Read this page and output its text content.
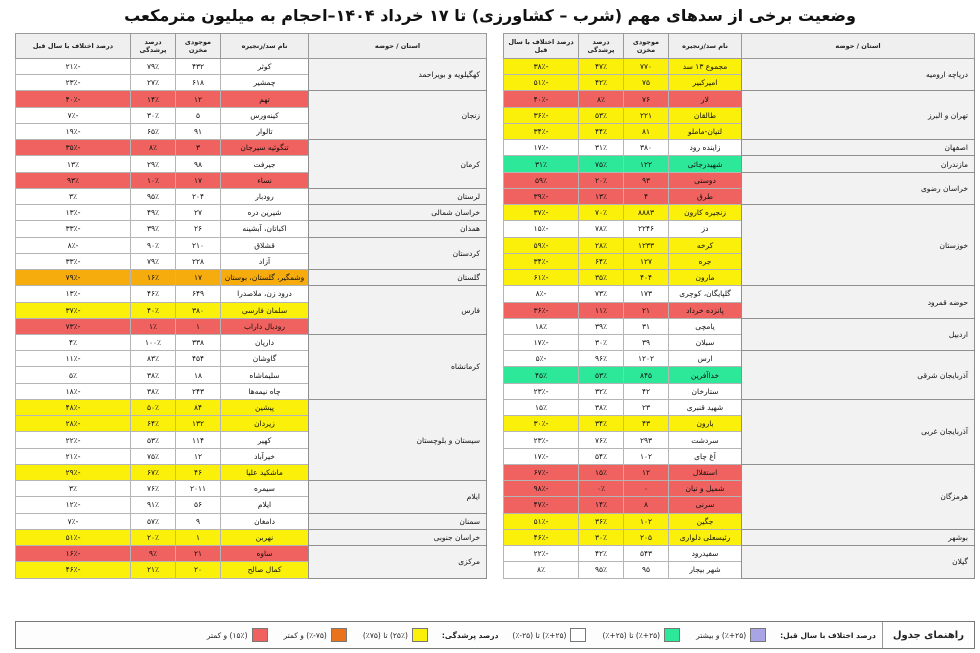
وضعیت برخی از سدهای مهم (شرب – کشاورزی) تا ۱۷ خرداد ۱۴۰۴–احجام به میلیون مترمکعب
استان / حوضه	نام سد/زنجیره	موجودی مخزن	درصد پرشدگی	درصد اختلاف با سال قبل
دریاچه ارومیه	مجموع ۱۳ سد	۷۷۰	۴۷٪	-۳۸٪
	امیرکبیر	۷۵	۴۲٪	-۵۱٪
تهران و البرز	لار	۷۶	۸٪	-۴۰٪
	طالقان	۲۲۱	۵۳٪	-۳۶٪
	لتیان-ماملو	۸۱	۴۴٪	-۳۴٪
اصفهان	زاینده رود	۳۸۰	۳۱٪	-۱۷٪
مازندران	شهیدرجائی	۱۲۲	۷۵٪	۳۱٪
خراسان رضوی	دوستی	۹۳	۲۰٪	۵۹٪
	طرق	۴	۱۳٪	-۳۹٪
خوزستان	زنجیره کارون	۸۸۸۳	۷۰٪	-۳۷٪
	دز	۲۲۴۶	۷۸٪	-۱۵٪
	کرخه	۱۲۳۳	۲۸٪	-۵۹٪
	جره	۱۲۷	۶۴٪	-۳۴٪
	مارون	۴۰۴	۳۵٪	-۶۱٪
حوضه قمرود	گلپایگان، کوچری	۱۷۳	۷۳٪	-۸٪
	پانزده خرداد	۲۱	۱۱٪	-۳۶٪
اردبیل	یامچی	۳۱	۳۹٪	۱۸٪
	سبلان	۳۹	۳۰٪	-۱۷٪
آذربایجان شرقی	ارس	۱۲۰۲	۹۶٪	-۵٪
	خداآفرین	۸۴۵	۵۳٪	۴۵٪
	ستارخان	۴۲	۳۲٪	-۲۳٪
آذربایجان غربی	شهید قنبری	۲۳	۳۸٪	۱۵٪
	بارون	۴۳	۳۴٪	-۳۰٪
	سردشت	۲۹۳	۷۶٪	-۲۳٪
	آغ چای	۱۰۲	۵۴٪	-۱۷٪
هرمزگان	استقلال	۱۲	۱۵٪	-۶۷٪
	شمیل و نیان	۰	۰٪	-۹۸٪
	سرنی	۸	۱۴٪	-۴۷٪
	جگین	۱۰۲	۳۶٪	-۵۱٪
بوشهر	رئیسعلی دلواری	۲۰۵	۳۰٪	-۴۶٪
گیلان	سفیدرود	۵۴۳	۴۲٪	-۲۲٪
	شهر بیجار	۹۵	۹۵٪	۸٪
استان / حوضه	نام سد/زنجیره	موجودی مخزن	درصد پرشدگی	درصد اختلاف با سال قبل
کهگیلویه و بویراحمد	کوثر	۴۳۲	۷۹٪	-۲۱٪
	چمشیر	۶۱۸	۲۷٪	-۲۳٪
زنجان	تهم	۱۲	۱۴٪	-۴۰٪
	کینه‌ورس	۵	۳۰٪	-۷٪
	تالوار	۹۱	۶۵٪	-۱۹٪
کرمان	تنگوئیه سیرجان	۳	۸٪	-۳۵٪
	جیرفت	۹۸	۲۹٪	۱۳٪
	نساء	۱۷	۱۰٪	۹۳٪
لرستان	رودبار	۲۰۴	۹۵٪	۳٪
خراسان شمالی	شیرین دره	۲۷	۴۹٪	-۱۳٪
همدان	اکباتان، آبشینه	۲۶	۳۹٪	-۳۳٪
کردستان	قشلاق	۲۱۰	۹۰٪	-۸٪
	آزاد	۲۲۸	۷۹٪	-۳۳٪
گلستان	وشمگیر، گلستان، بوستان	۱۷	۱۶٪	-۷۹٪
فارس	درود زن، ملاصدرا	۶۴۹	۴۶٪	-۱۳٪
	سلمان فارسی	۳۸۰	۴۰٪	-۳۷٪
	رودبال داراب	۱	۱٪	-۷۳٪
کرمانشاه	داریان	۳۳۸	۱۰۰٪	۴٪
	گاوشان	۴۵۴	۸۳٪	-۱۱٪
	سلیماشاه	۱۸	۳۸٪	۵٪
	چاه نیمه‌ها	۲۴۳	۳۸٪	-۱۸٪
سیستان و بلوچستان	پیشین	۸۴	۵۰٪	-۴۸٪
	زیردان	۱۳۲	۶۴٪	-۲۸٪
	کهیر	۱۱۴	۵۳٪	-۲۲٪
	خیرآباد	۱۲	۷۵٪	-۲۱٪
	ماشکید علیا	۴۶	۶۷٪	-۲۹٪
ایلام	سیمره	۲۰۱۱	۷۶٪	۳٪
	ایلام	۵۶	۹۱٪	-۱۲٪
سمنان	دامغان	۹	۵۷٪	-۷٪
خراسان جنوبی	نهربن	۱	۲۰٪	-۵۱٪
مرکزی	ساوه	۲۱	۹٪	-۱۶٪
	کمال صالح	۲۰	۲۱٪	-۴۶٪
راهنمای جدول
درصد اختلاف با سال قبل:
(۲۵+٪) و بیشتر
(۲۵+٪) تا (۲۵+٪)
(۲۵+٪) تا (۲۵-٪)
درصد پرشدگی:
(۲۵٪) تا (۷۵٪)
(۷۵-٪) و کمتر
(۱۵٪) و کمتر
